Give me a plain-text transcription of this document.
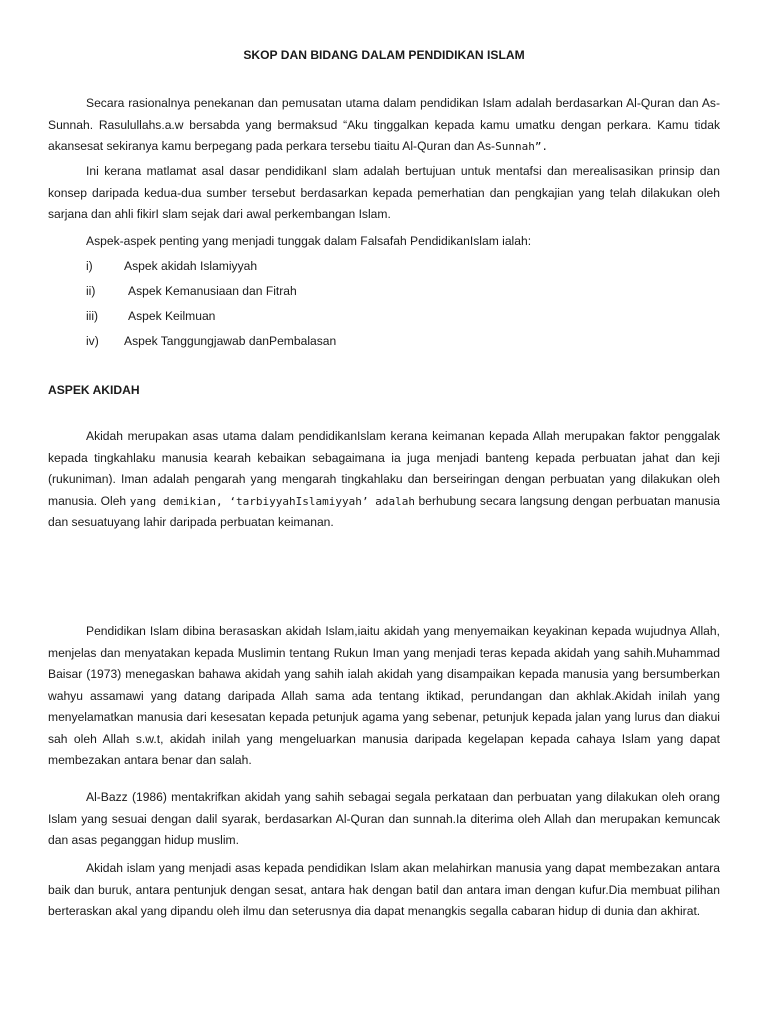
SKOP DAN BIDANG DALAM PENDIDIKAN ISLAM

Secara rasionalnya penekanan dan pemusatan utama dalam pendidikan Islam adalah berdasarkan Al-Quran dan As-Sunnah. Rasulullahs.a.w bersabda yang bermaksud “Aku tinggalkan kepada kamu umatku dengan perkara. Kamu tidak akansesat sekiranya kamu berpegang pada perkara tersebu tiaitu Al-Quran dan As-Sunnah”.

Ini kerana matlamat asal dasar pendidikanI slam adalah bertujuan untuk mentafsi dan merealisasikan prinsip dan konsep daripada kedua-dua sumber tersebut berdasarkan kepada pemerhatian dan pengkajian yang telah dilakukan oleh sarjana dan ahli fikirI slam sejak dari awal perkembangan Islam.

Aspek-aspek penting yang menjadi tunggak dalam Falsafah PendidikanIslam ialah:

i)	Aspek akidah Islamiyyah
ii)	Aspek Kemanusiaan dan Fitrah
iii) Aspek Keilmuan
iv) Aspek Tanggungjawab danPembalasan
ASPEK AKIDAH

Akidah merupakan asas utama dalam pendidikanIslam kerana keimanan kepada Allah merupakan faktor penggalak kepada tingkahlaku manusia kearah kebaikan sebagaimana ia juga menjadi banteng kepada perbuatan jahat dan keji (rukuniman). Iman adalah pengarah yang mengarah tingkahlaku dan berseiringan dengan perbuatan yang dilakukan oleh manusia. Oleh yang demikian, ‘tarbiyyahIslamiyyah’ adalah berhubung secara langsung dengan perbuatan manusia dan sesuatuyang lahir daripada perbuatan keimanan.

Pendidikan Islam dibina berasaskan akidah Islam,iaitu akidah yang menyemaikan keyakinan kepada wujudnya Allah, menjelas dan menyatakan kepada Muslimin tentang Rukun Iman yang menjadi teras kepada akidah yang sahih.Muhammad Baisar (1973) menegaskan bahawa akidah yang sahih ialah akidah yang disampaikan kepada manusia yang bersumberkan wahyu assamawi yang datang daripada Allah sama ada tentang iktikad, perundangan dan akhlak.Akidah inilah yang menyelamatkan manusia dari kesesatan kepada petunjuk agama yang sebenar, petunjuk kepada jalan yang lurus dan diakui sah oleh Allah s.w.t, akidah inilah yang mengeluarkan manusia daripada kegelapan kepada cahaya Islam yang dapat membezakan antara benar dan salah.

Al-Bazz (1986) mentakrifkan akidah yang sahih sebagai segala perkataan dan perbuatan yang dilakukan oleh orang Islam yang sesuai dengan dalil syarak, berdasarkan Al-Quran dan sunnah.Ia diterima oleh Allah dan merupakan kemuncak dan asas peganggan hidup muslim.

Akidah islam yang menjadi asas kepada pendidikan Islam akan melahirkan manusia yang dapat membezakan antara baik dan buruk, antara pentunjuk dengan sesat, antara hak dengan batil dan antara iman dengan kufur.Dia membuat pilihan berteraskan akal yang dipandu oleh ilmu dan seterusnya dia dapat menangkis segalla cabaran hidup di dunia dan akhirat.
